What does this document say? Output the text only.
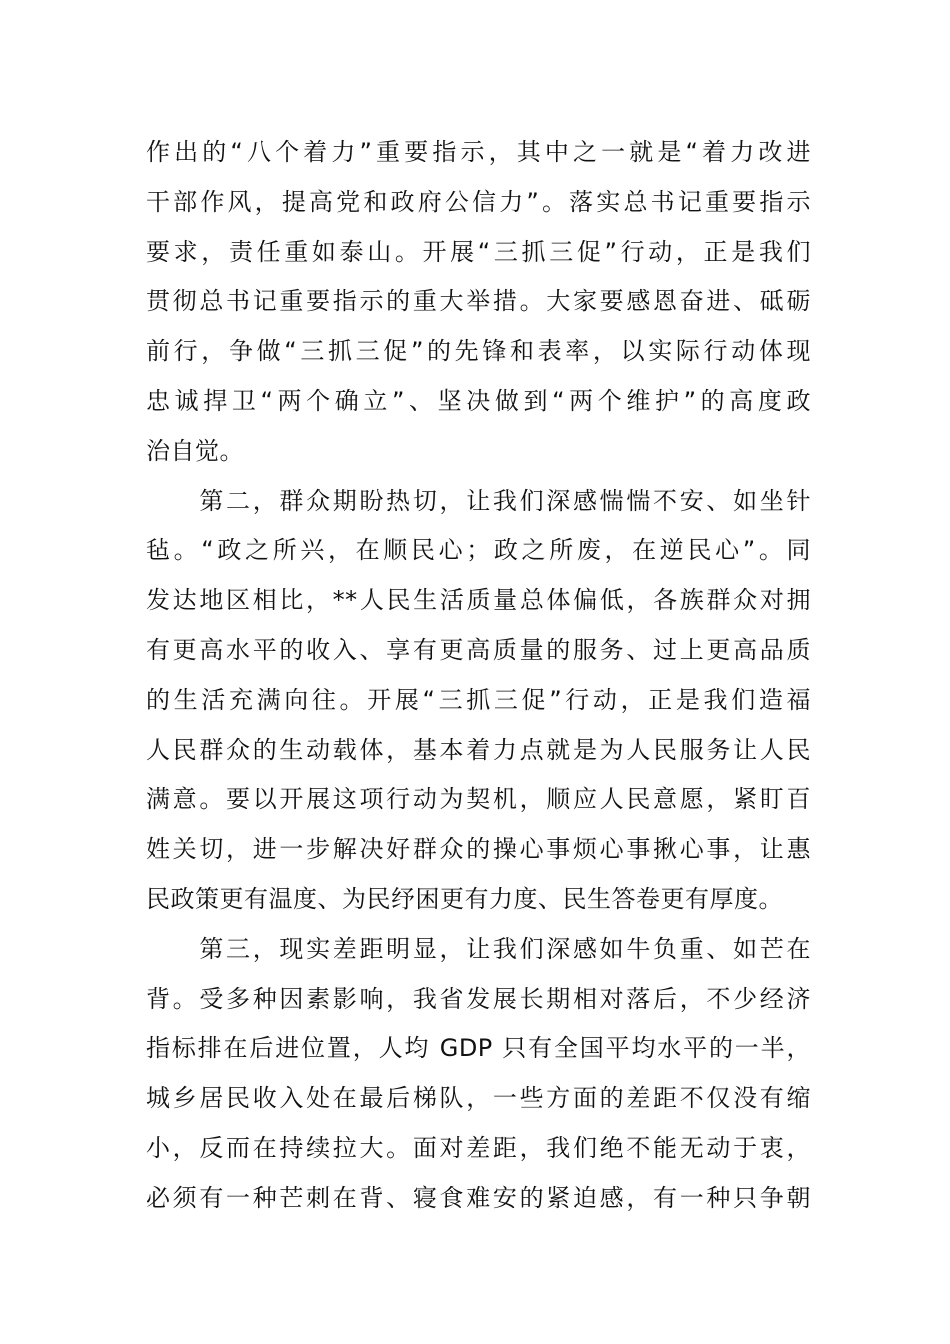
作出的“八个着力”重要指示，其中之一就是“着力改进
干部作风，提高党和政府公信力”。落实总书记重要指示
要求，责任重如泰山。开展“三抓三促”行动，正是我们
贯彻总书记重要指示的重大举措。大家要感恩奋进、砥砺
前行，争做“三抓三促”的先锋和表率，以实际行动体现
忠诚捍卫“两个确立”、坚决做到“两个维护”的高度政
治自觉。
　　第二，群众期盼热切，让我们深感惴惴不安、如坐针
毡。“政之所兴，在顺民心；政之所废，在逆民心”。同
发达地区相比，**人民生活质量总体偏低，各族群众对拥
有更高水平的收入、享有更高质量的服务、过上更高品质
的生活充满向往。开展“三抓三促”行动，正是我们造福
人民群众的生动载体，基本着力点就是为人民服务让人民
满意。要以开展这项行动为契机，顺应人民意愿，紧盯百
姓关切，进一步解决好群众的操心事烦心事揪心事，让惠
民政策更有温度、为民纾困更有力度、民生答卷更有厚度。
　　第三，现实差距明显，让我们深感如牛负重、如芒在
背。受多种因素影响，我省发展长期相对落后，不少经济
指标排在后进位置，人均 GDP 只有全国平均水平的一半，
城乡居民收入处在最后梯队，一些方面的差距不仅没有缩
小，反而在持续拉大。面对差距，我们绝不能无动于衷，
必须有一种芒刺在背、寝食难安的紧迫感，有一种只争朝
